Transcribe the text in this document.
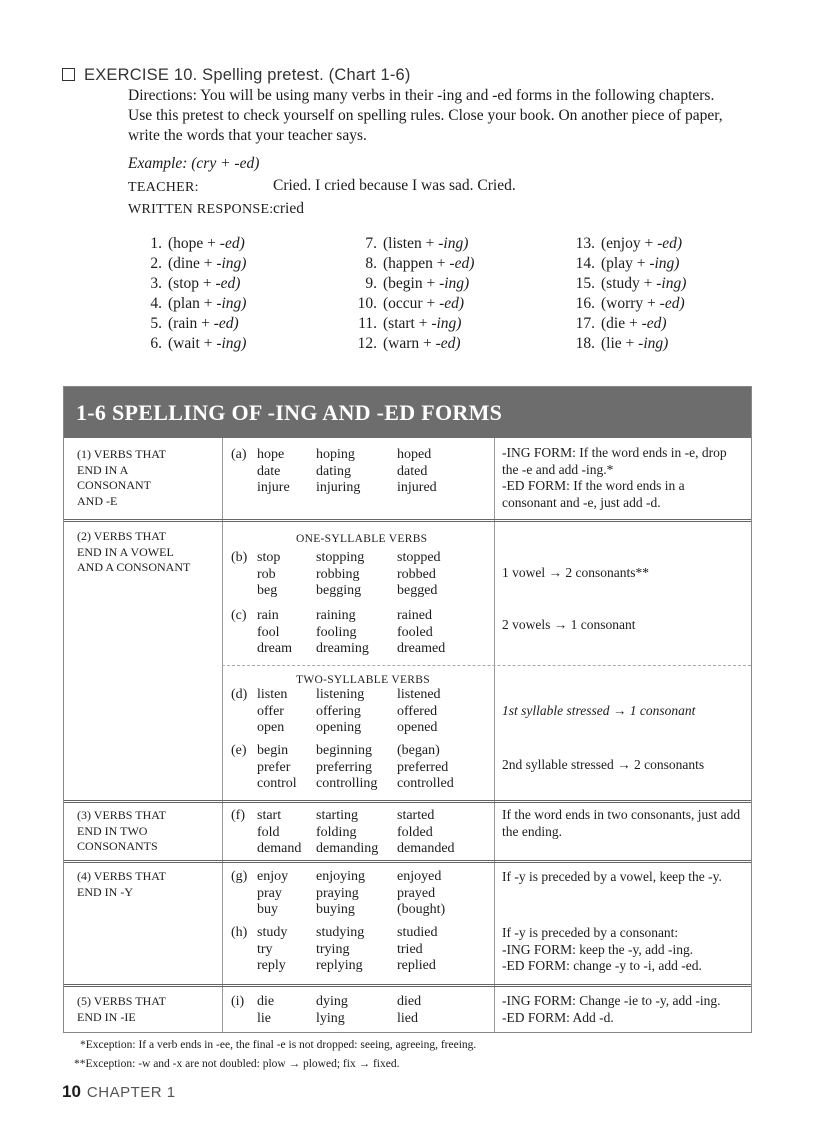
EXERCISE 10. Spelling pretest. (Chart 1-6)
Directions: You will be using many verbs in their -ing and -ed forms in the following chapters. Use this pretest to check yourself on spelling rules. Close your book. On another piece of paper, write the words that your teacher says.
Example: (cry + -ed)
TEACHER:	Cried. I cried because I was sad. Cried.
WRITTEN RESPONSE: cried
1. (hope + -ed)
2. (dine + -ing)
3. (stop + -ed)
4. (plan + -ing)
5. (rain + -ed)
6. (wait + -ing)
7. (listen + -ing)
8. (happen + -ed)
9. (begin + -ing)
10. (occur + -ed)
11. (start + -ing)
12. (warn + -ed)
13. (enjoy + -ed)
14. (play + -ing)
15. (study + -ing)
16. (worry + -ed)
17. (die + -ed)
18. (lie + -ing)
1-6 SPELLING OF -ING AND -ED FORMS
(1) VERBS THAT
END IN A
CONSONANT
AND -E
(a) hope
date
injure
hoping
dating
injuring
hoped
dated
injured
-ING FORM: If the word ends in -e, drop the -e and add -ing.*
-ED FORM: If the word ends in a consonant and -e, just add -d.
(2) VERBS THAT
END IN A VOWEL
AND A CONSONANT
ONE-SYLLABLE VERBS
(b) stop
rob
beg
stopping
robbing
begging
stopped
robbed
begged
1 vowel → 2 consonants**
(c) rain
fool
dream
raining
fooling
dreaming
rained
fooled
dreamed
2 vowels → 1 consonant
TWO-SYLLABLE VERBS
(d) listen
offer
open
listening
offering
opening
listened
offered
opened
1st syllable stressed → 1 consonant
(e) begin
prefer
control
beginning
preferring
controlling
(began)
preferred
controlled
2nd syllable stressed → 2 consonants
(3) VERBS THAT
END IN TWO
CONSONANTS
(f) start
fold
demand
starting
folding
demanding
started
folded
demanded
If the word ends in two consonants, just add the ending.
(4) VERBS THAT
END IN -Y
(g) enjoy
pray
buy
enjoying
praying
buying
enjoyed
prayed
(bought)
If -y is preceded by a vowel, keep the -y.
(h) study
try
reply
studying
trying
replying
studied
tried
replied
If -y is preceded by a consonant:
-ING FORM: keep the -y, add -ing.
-ED FORM: change -y to -i, add -ed.
(5) VERBS THAT
END IN -IE
(i) die
lie
dying
lying
died
lied
-ING FORM: Change -ie to -y, add -ing.
-ED FORM: Add -d.
*Exception: If a verb ends in -ee, the final -e is not dropped: seeing, agreeing, freeing.
**Exception: -w and -x are not doubled: plow → plowed; fix → fixed.
10 CHAPTER 1
